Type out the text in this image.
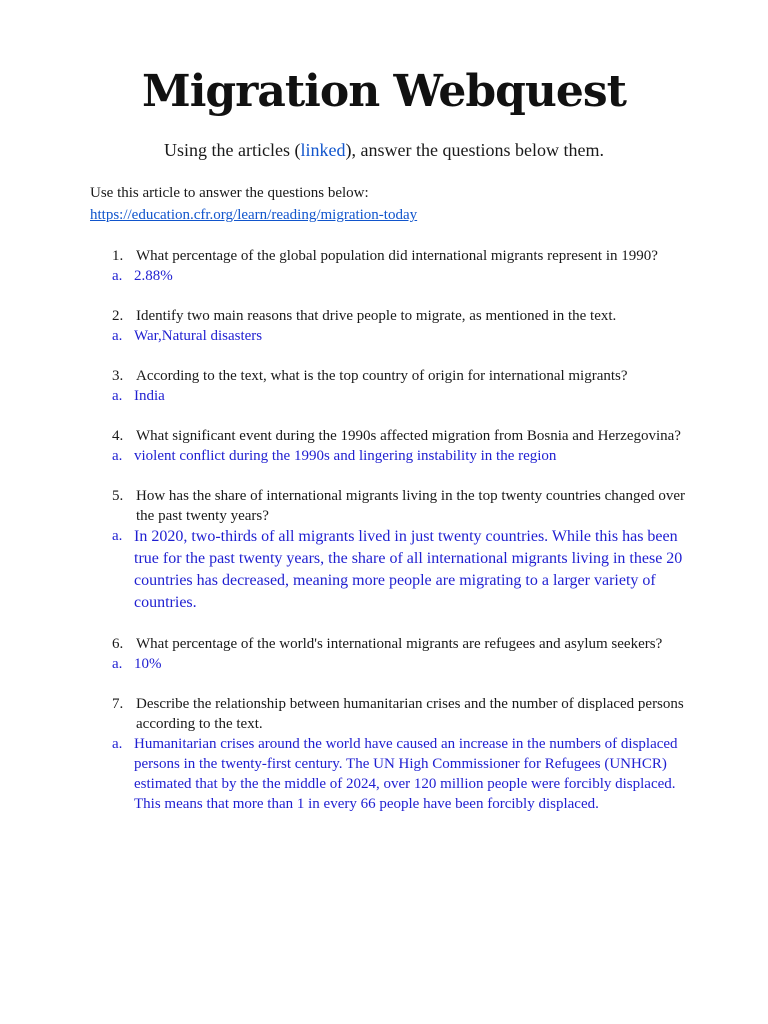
Migration Webquest
Using the articles (linked), answer the questions below them.
Use this article to answer the questions below:
https://education.cfr.org/learn/reading/migration-today
1. What percentage of the global population did international migrants represent in 1990?
a. 2.88%
2. Identify two main reasons that drive people to migrate, as mentioned in the text.
a. War,Natural disasters
3. According to the text, what is the top country of origin for international migrants?
a. India
4. What significant event during the 1990s affected migration from Bosnia and Herzegovina?
a. violent conflict during the 1990s and lingering instability in the region
5. How has the share of international migrants living in the top twenty countries changed over the past twenty years?
a. In 2020, two-thirds of all migrants lived in just twenty countries. While this has been true for the past twenty years, the share of all international migrants living in these 20 countries has decreased, meaning more people are migrating to a larger variety of countries.
6. What percentage of the world's international migrants are refugees and asylum seekers?
a. 10%
7. Describe the relationship between humanitarian crises and the number of displaced persons according to the text.
a. Humanitarian crises around the world have caused an increase in the numbers of displaced persons in the twenty-first century. The UN High Commissioner for Refugees (UNHCR) estimated that by the the middle of 2024, over 120 million people were forcibly displaced. This means that more than 1 in every 66 people have been forcibly displaced.
